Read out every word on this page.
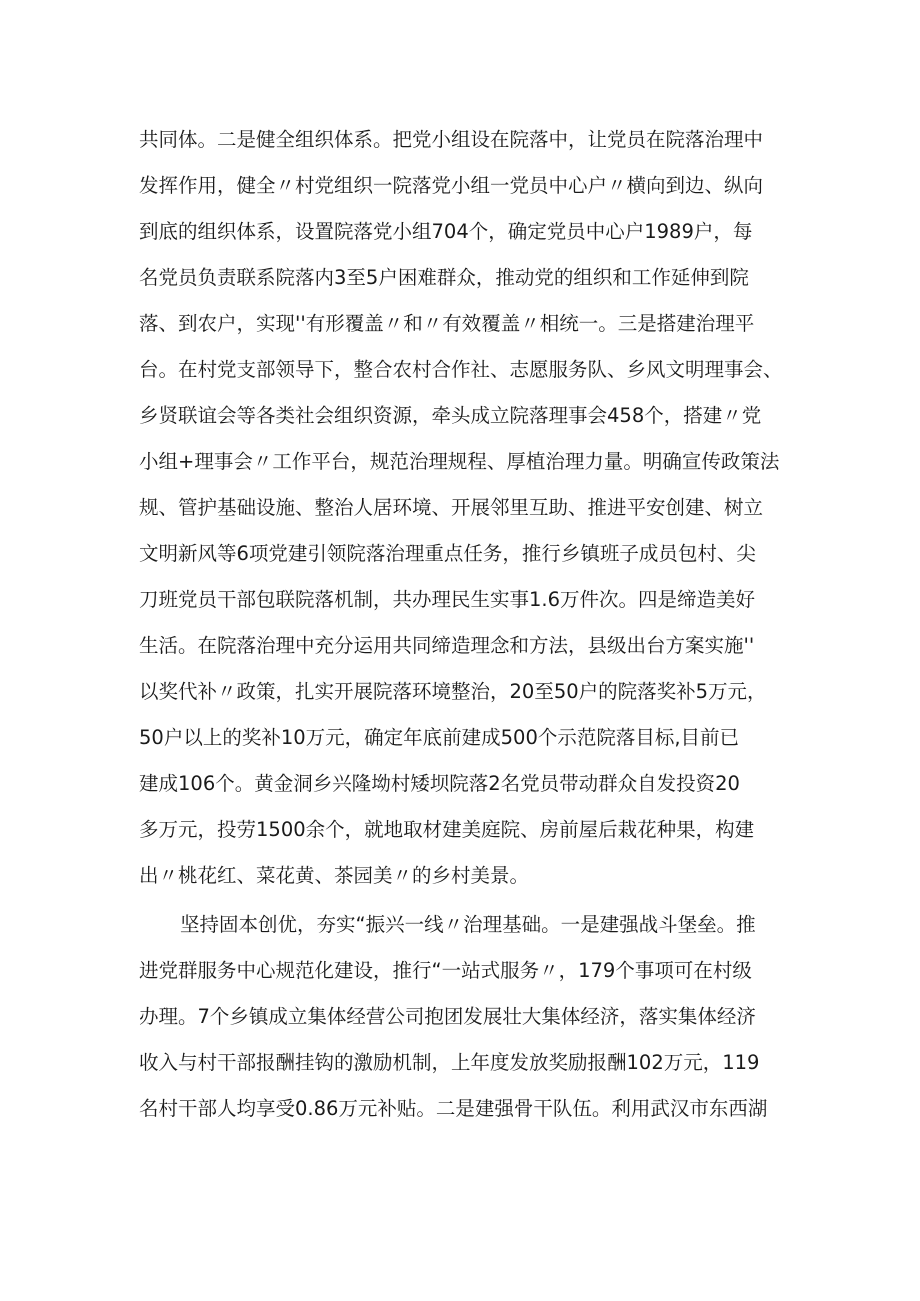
共同体。二是健全组织体系。把党小组设在院落中，让党员在院落治理中
发挥作用，健全〃村党组织一院落党小组一党员中心户〃横向到边、纵向
到底的组织体系，设置院落党小组704个，确定党员中心户1989户，每
名党员负责联系院落内3至5户困难群众，推动党的组织和工作延伸到院
落、到农户，实现''有形覆盖〃和〃有效覆盖〃相统一。三是搭建治理平
台。在村党支部领导下，整合农村合作社、志愿服务队、乡风文明理事会、
乡贤联谊会等各类社会组织资源，牵头成立院落理事会458个，搭建〃党
小组+理事会〃工作平台，规范治理规程、厚植治理力量。明确宣传政策法
规、管护基础设施、整治人居环境、开展邻里互助、推进平安创建、树立
文明新风等6项党建引领院落治理重点任务，推行乡镇班子成员包村、尖
刀班党员干部包联院落机制，共办理民生实事1.6万件次。四是缔造美好
生活。在院落治理中充分运用共同缔造理念和方法，县级出台方案实施''
以奖代补〃政策，扎实开展院落环境整治，20至50户的院落奖补5万元，
50户以上的奖补10万元，确定年底前建成500个示范院落目标,目前已
建成106个。黄金洞乡兴隆坳村矮坝院落2名党员带动群众自发投资20
多万元，投劳1500余个，就地取材建美庭院、房前屋后栽花种果，构建
出〃桃花红、菜花黄、茶园美〃的乡村美景。
坚持固本创优，夯实“振兴一线〃治理基础。一是建强战斗堡垒。推
进党群服务中心规范化建设，推行“一站式服务〃，179个事项可在村级
办理。7个乡镇成立集体经营公司抱团发展壮大集体经济，落实集体经济
收入与村干部报酬挂钩的激励机制，上年度发放奖励报酬102万元，119
名村干部人均享受0.86万元补贴。二是建强骨干队伍。利用武汉市东西湖
